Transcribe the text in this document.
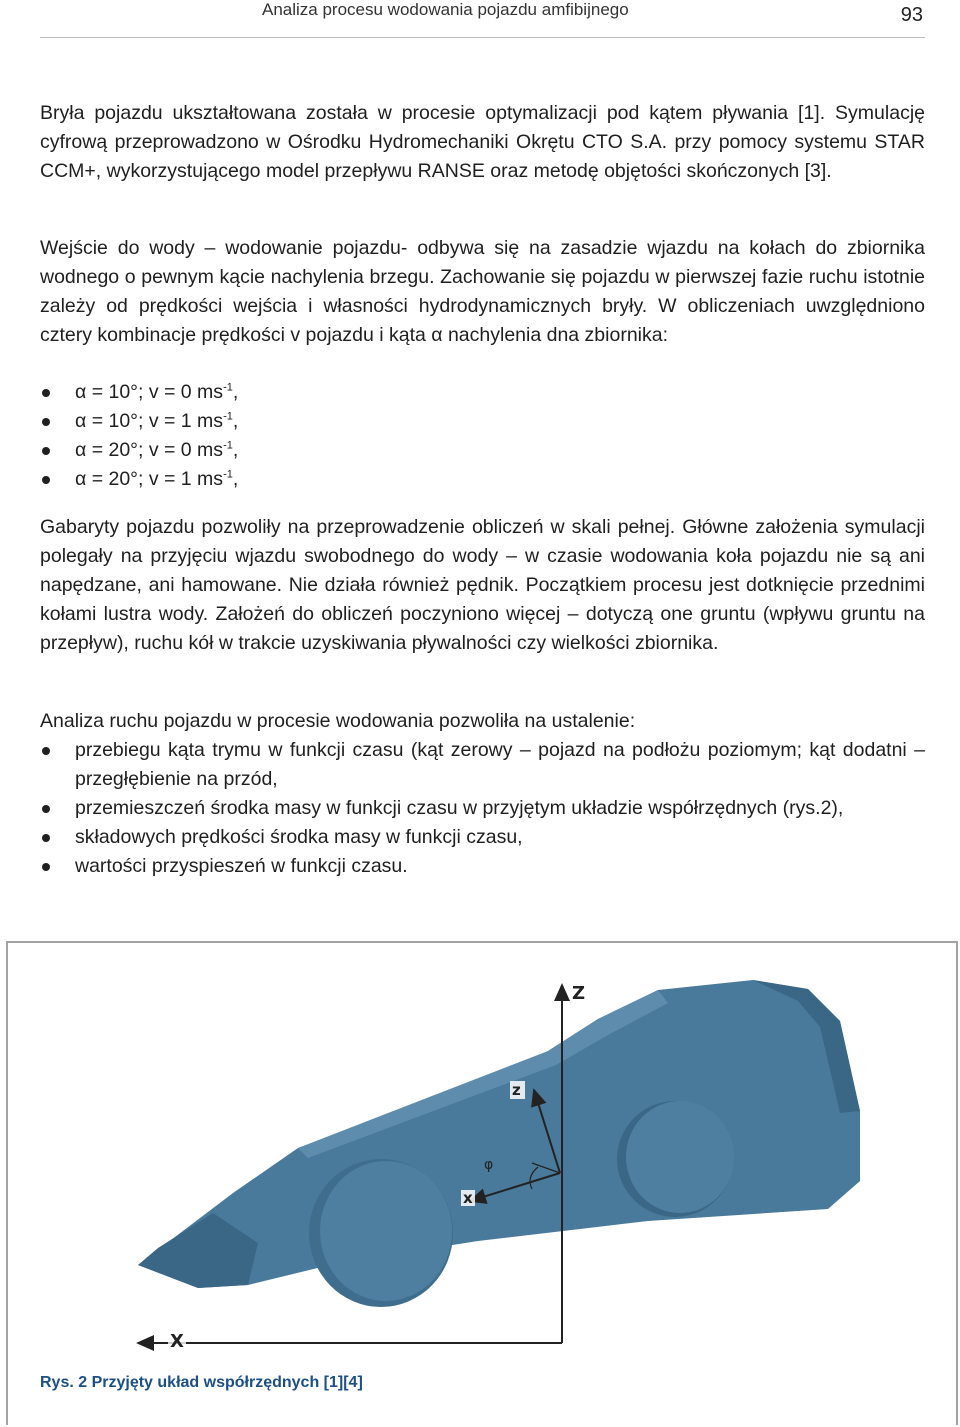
Analiza procesu wodowania pojazdu amfibijnego	93

Bryła pojazdu ukształtowana została w procesie optymalizacji pod kątem pływania [1]. Symulację cyfrową przeprowadzono w Ośrodku Hydromechaniki Okrętu CTO S.A. przy pomocy systemu STAR CCM+, wykorzystującego model przepływu RANSE oraz metodę objętości skończonych [3].

Wejście do wody – wodowanie pojazdu- odbywa się na zasadzie wjazdu na kołach do zbiornika wodnego o pewnym kącie nachylenia brzegu. Zachowanie się pojazdu w pierwszej fazie ruchu istotnie zależy od prędkości wejścia i własności hydrodynamicznych bryły. W obliczeniach uwzględniono cztery kombinacje prędkości v pojazdu i kąta α nachylenia dna zbiornika:

α = 10°; v = 0 $ms^{-1}$,
α = 10°; v = 1 $ms^{-1}$,
α = 20°; v = 0 $ms^{-1}$,
α = 20°; v = 1 $ms^{-1}$,

Gabaryty pojazdu pozwoliły na przeprowadzenie obliczeń w skali pełnej. Główne założenia symulacji polegały na przyjęciu wjazdu swobodnego do wody – w czasie wodowania koła pojazdu nie są ani napędzane, ani hamowane. Nie działa również pędnik. Początkiem procesu jest dotknięcie przednimi kołami lustra wody. Założeń do obliczeń poczyniono więcej – dotyczą one gruntu (wpływu gruntu na przepływ), ruchu kół w trakcie uzyskiwania pływalności czy wielkości zbiornika.

Analiza ruchu pojazdu w procesie wodowania pozwoliła na ustalenie:

przebiegu kąta trymu w funkcji czasu (kąt zerowy – pojazd na podłożu poziomym; kąt dodatni – przegłębienie na przód,
przemieszczeń środka masy w funkcji czasu w przyjętym układzie współrzędnych (rys.2),
składowych prędkości środka masy w funkcji czasu,
wartości przyspieszeń w funkcji czasu.
Z
X
z
x
φ
Rys. 2 Przyjęty układ współrzędnych [1][4]
